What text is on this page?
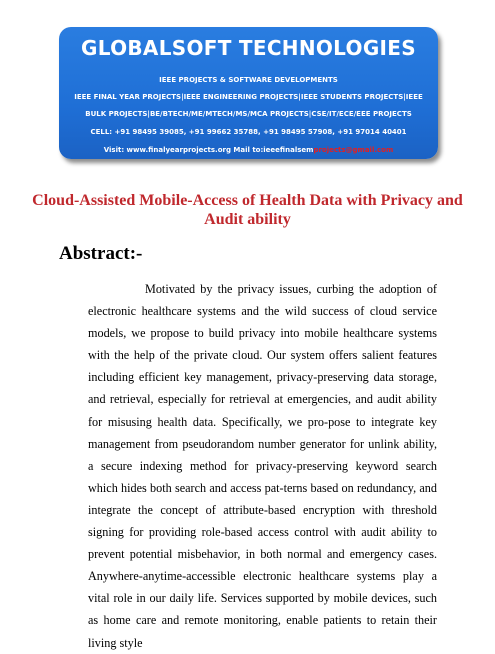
GLOBALSOFT TECHNOLOGIES
IEEE PROJECTS & SOFTWARE DEVELOPMENTS
IEEE FINAL YEAR PROJECTS|IEEE ENGINEERING PROJECTS|IEEE STUDENTS PROJECTS|IEEE
BULK PROJECTS|BE/BTECH/ME/MTECH/MS/MCA PROJECTS|CSE/IT/ECE/EEE PROJECTS
CELL: +91 98495 39085, +91 99662 35788, +91 98495 57908, +91 97014 40401
Visit: www.finalyearprojects.org Mail to:ieeefinalsemprojects@gmail.com
Cloud-Assisted Mobile-Access of Health Data with Privacy and Audit ability
Abstract:-

Motivated by the privacy issues, curbing the adoption of electronic healthcare systems and the wild success of cloud service models, we propose to build privacy into mobile healthcare systems with the help of the private cloud. Our system offers salient features including efficient key management, privacy-preserving data storage, and retrieval, especially for retrieval at emergencies, and audit ability for misusing health data. Specifically, we pro-pose to integrate key management from pseudorandom number generator for unlink ability, a secure indexing method for privacy-preserving keyword search which hides both search and access pat-terns based on redundancy, and integrate the concept of attribute-based encryption with threshold signing for providing role-based access control with audit ability to prevent potential misbehavior, in both normal and emergency cases. Anywhere-anytime-accessible electronic healthcare systems play a vital role in our daily life. Services supported by mobile devices, such as home care and remote monitoring, enable patients to retain their living style
